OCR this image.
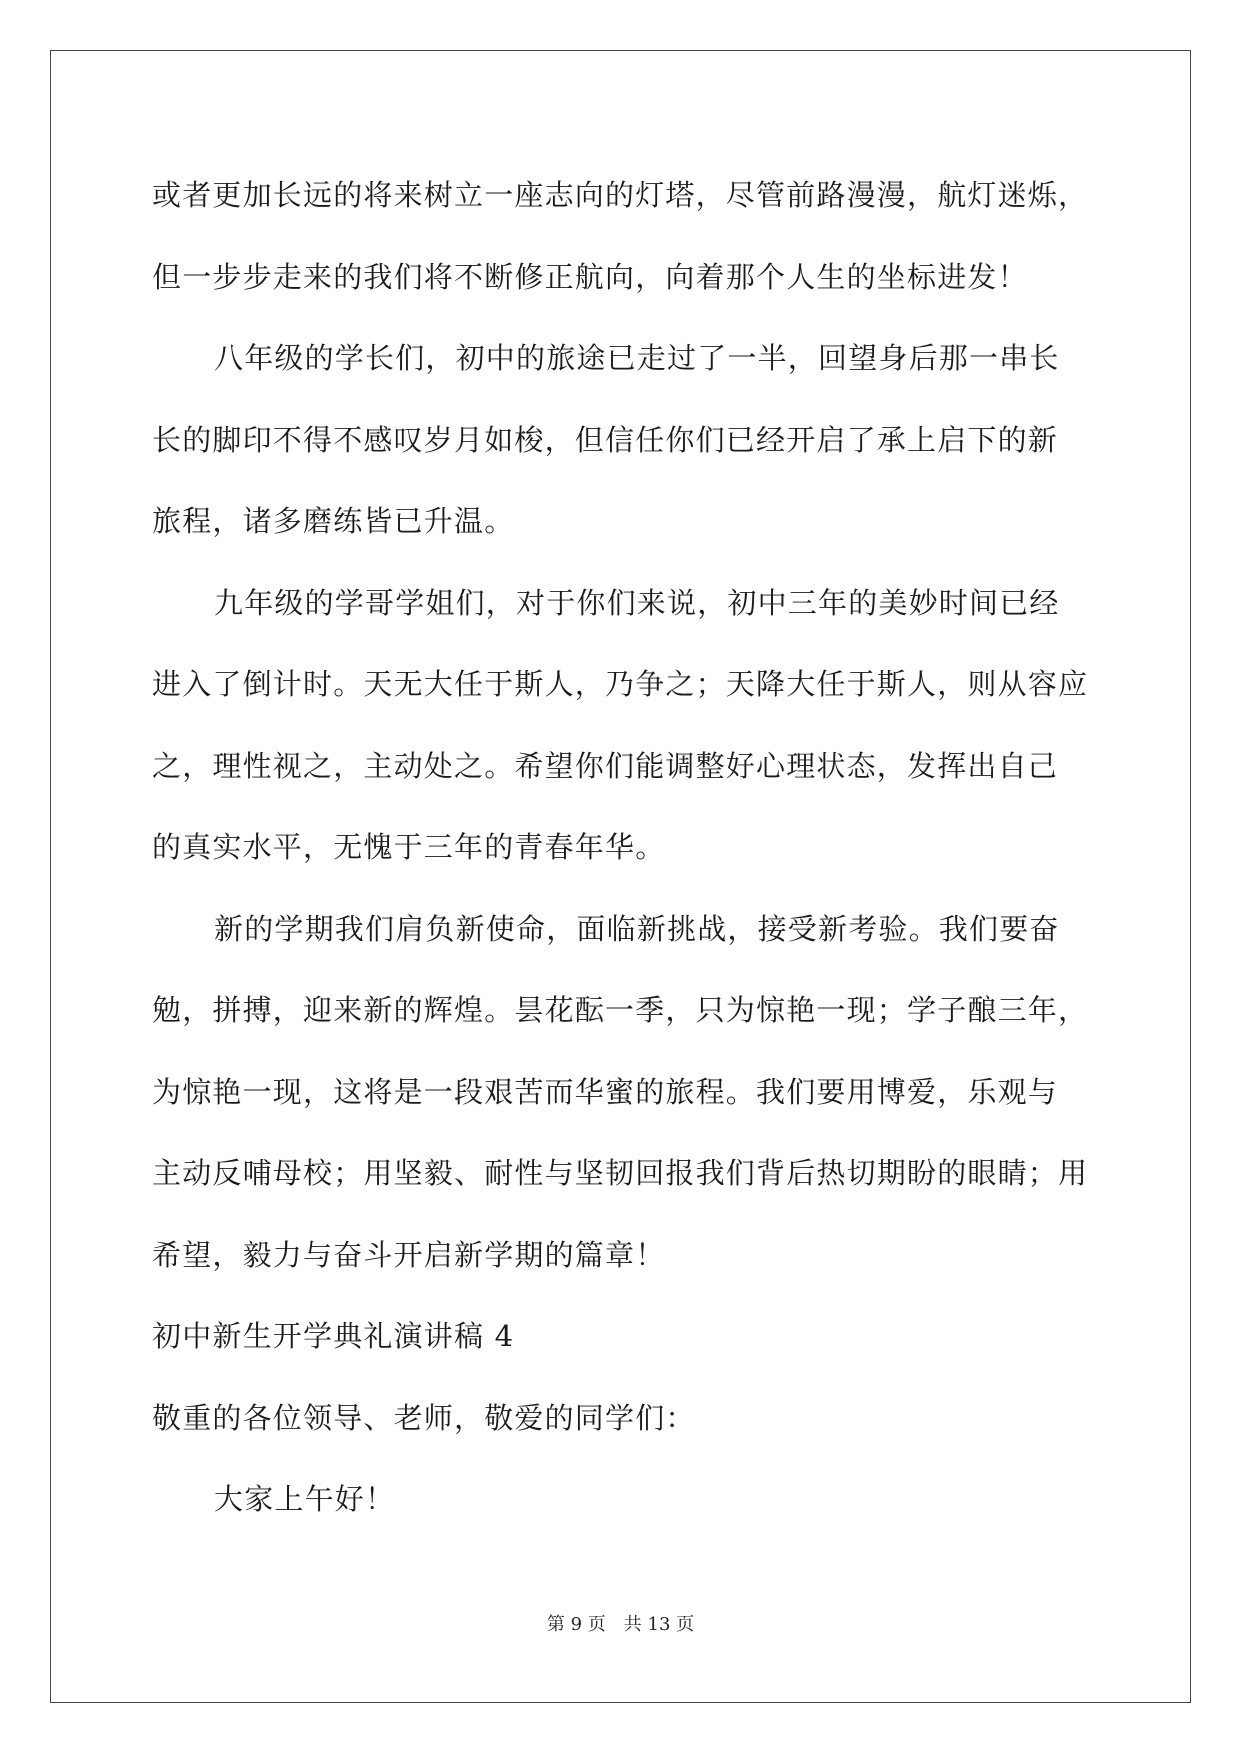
或者更加长远的将来树立一座志向的灯塔，尽管前路漫漫，航灯迷烁，
但一步步走来的我们将不断修正航向，向着那个人生的坐标进发！
八年级的学长们，初中的旅途已走过了一半，回望身后那一串长
长的脚印不得不感叹岁月如梭，但信任你们已经开启了承上启下的新
旅程，诸多磨练皆已升温。
九年级的学哥学姐们，对于你们来说，初中三年的美妙时间已经
进入了倒计时。天无大任于斯人，乃争之；天降大任于斯人，则从容应
之，理性视之，主动处之。希望你们能调整好心理状态，发挥出自己
的真实水平，无愧于三年的青春年华。
新的学期我们肩负新使命，面临新挑战，接受新考验。我们要奋
勉，拼搏，迎来新的辉煌。昙花酝一季，只为惊艳一现；学子酿三年，
为惊艳一现，这将是一段艰苦而华蜜的旅程。我们要用博爱，乐观与
主动反哺母校；用坚毅、耐性与坚韧回报我们背后热切期盼的眼睛；用
希望，毅力与奋斗开启新学期的篇章！
初中新生开学典礼演讲稿 4
敬重的各位领导、老师，敬爱的同学们：
大家上午好！
第 9 页　共 13 页
